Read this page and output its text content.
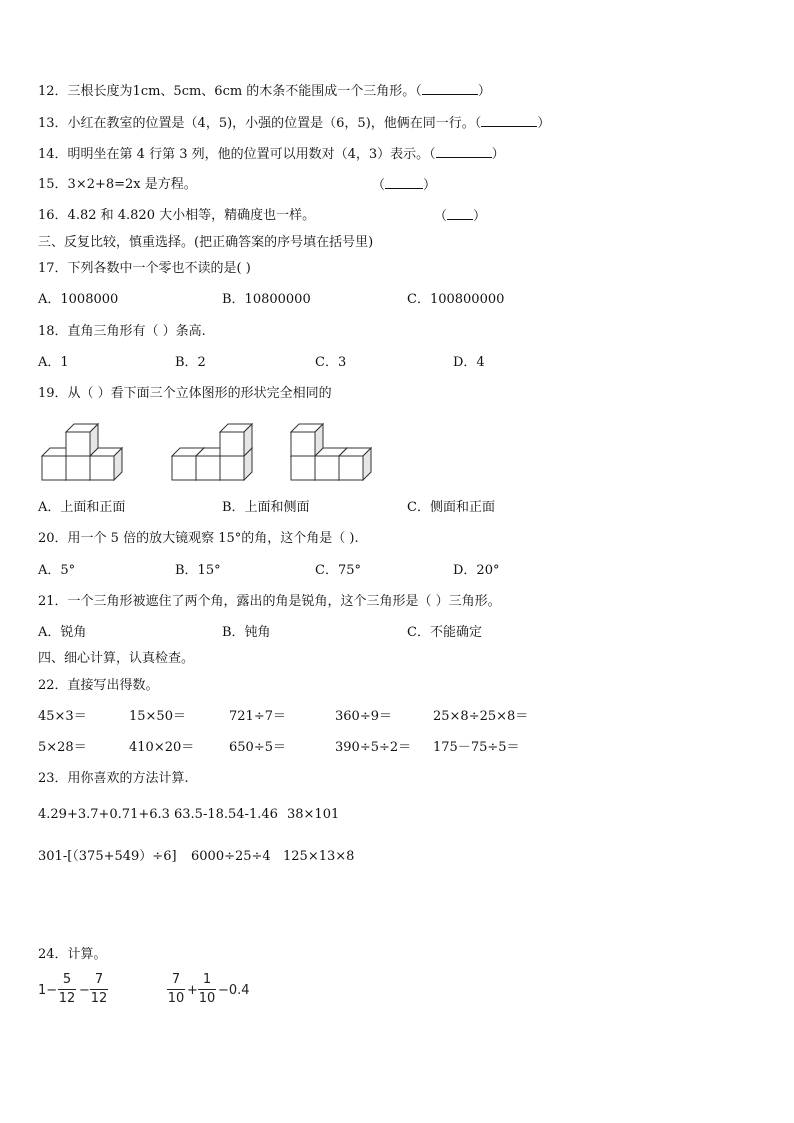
12．三根长度为1cm、5cm、6cm 的木条不能围成一个三角形。（	）
13．小红在教室的位置是（4，5)，小强的位置是（6，5)，他俩在同一行。（	）
14．明明坐在第 4 行第 3 列，他的位置可以用数对（4，3）表示。（	）
15．3×2+8=2x 是方程。	（	）
16．4.82 和 4.820 大小相等，精确度也一样。	（ ）
三、反复比较，慎重选择。(把正确答案的序号填在括号里)
17．下列各数中一个零也不读的是( )
A．1008000	B．10800000	C．100800000
18．直角三角形有（ ）条高.
A．1	B．2	C．3	D．4
19．从（ ）看下面三个立体图形的形状完全相同的
A．上面和正面	B．上面和侧面	C．侧面和正面
20．用一个 5 倍的放大镜观察 15°的角，这个角是（ ).
A．5°	B．15°	C．75°	D．20°
21．一个三角形被遮住了两个角，露出的角是锐角，这个三角形是（ ）三角形。
A．锐角	B．钝角	C．不能确定
四、细心计算，认真检查。
22．直接写出得数。
45×3＝	15×50＝	721÷7＝	360÷9＝	25×8÷25×8＝
5×28＝	410×20＝	650÷5＝	390÷5÷2＝ 175－75÷5＝
23．用你喜欢的方法计算.
4.29+3.7+0.71+6.3 63.5-18.54-1.46 38×101
301-[（375+549）÷6] 6000÷25÷4 125×13×8
24．计算。
1−
5
12
−
7
12
7
10
+
1
10
−0.4
